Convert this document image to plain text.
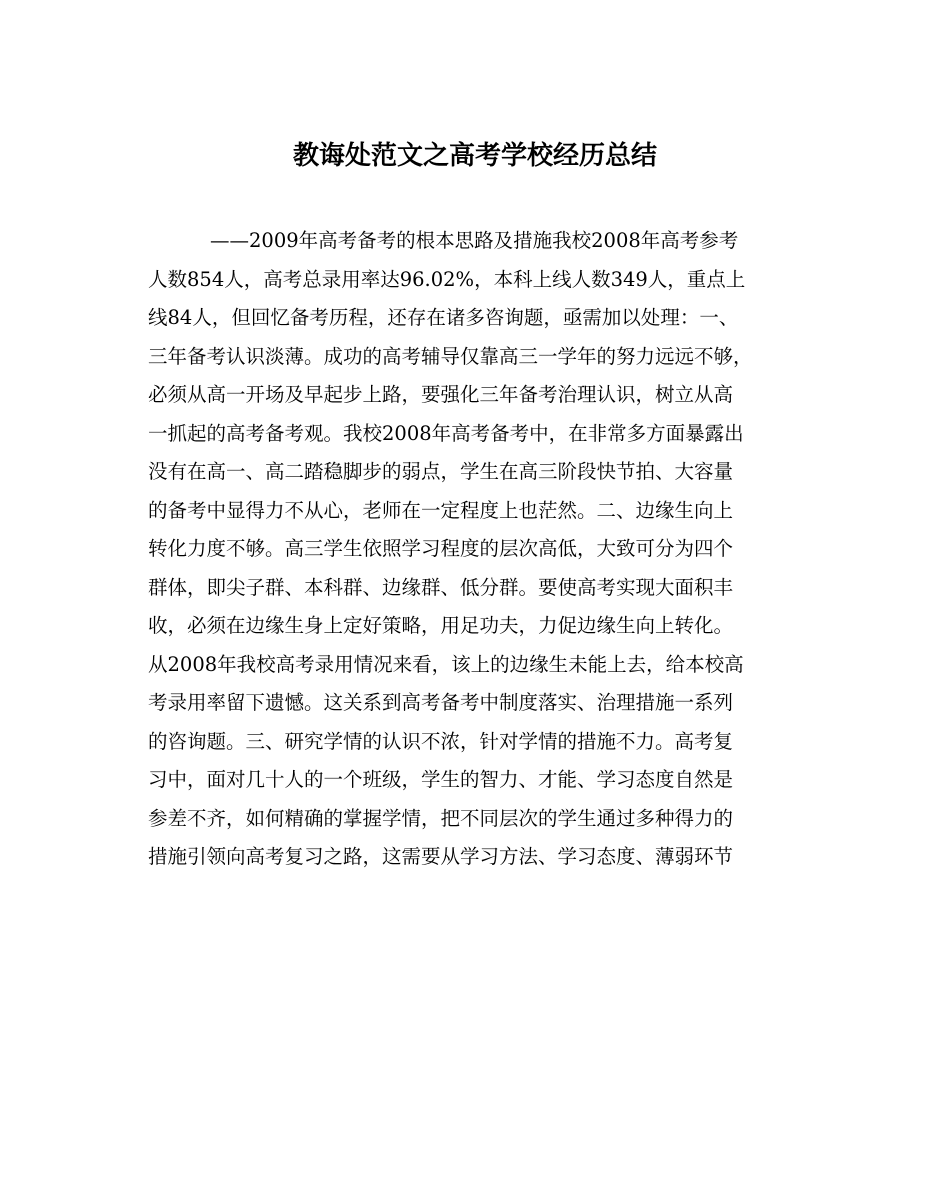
教诲处范文之高考学校经历总结
——2009年高考备考的根本思路及措施我校2008年高考参考
人数854人，高考总录用率达96.02%，本科上线人数349人，重点上
线84人，但回忆备考历程，还存在诸多咨询题，亟需加以处理：一、
三年备考认识淡薄。成功的高考辅导仅靠高三一学年的努力远远不够，
必须从高一开场及早起步上路，要强化三年备考治理认识，树立从高
一抓起的高考备考观。我校2008年高考备考中，在非常多方面暴露出
没有在高一、高二踏稳脚步的弱点，学生在高三阶段快节拍、大容量
的备考中显得力不从心，老师在一定程度上也茫然。二、边缘生向上
转化力度不够。高三学生依照学习程度的层次高低，大致可分为四个
群体，即尖子群、本科群、边缘群、低分群。要使高考实现大面积丰
收，必须在边缘生身上定好策略，用足功夫，力促边缘生向上转化。
从2008年我校高考录用情况来看，该上的边缘生未能上去，给本校高
考录用率留下遗憾。这关系到高考备考中制度落实、治理措施一系列
的咨询题。三、研究学情的认识不浓，针对学情的措施不力。高考复
习中，面对几十人的一个班级，学生的智力、才能、学习态度自然是
参差不齐，如何精确的掌握学情，把不同层次的学生通过多种得力的
措施引领向高考复习之路，这需要从学习方法、学习态度、薄弱环节
